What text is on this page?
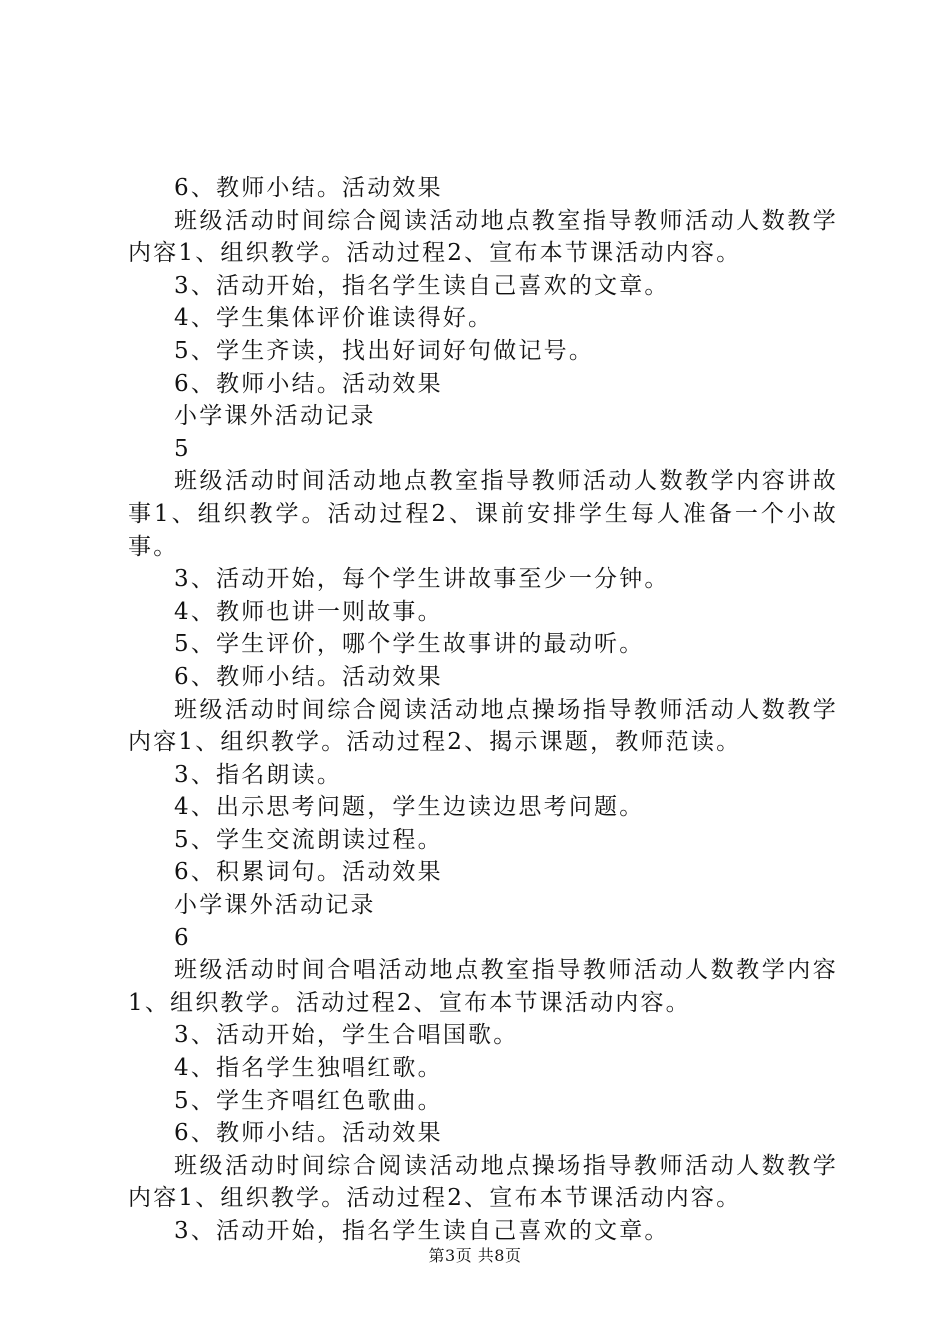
6、教师小结。活动效果

班级活动时间综合阅读活动地点教室指导教师活动人数教学内容1、组织教学。活动过程2、宣布本节课活动内容。

3、活动开始，指名学生读自己喜欢的文章。

4、学生集体评价谁读得好。

5、学生齐读，找出好词好句做记号。

6、教师小结。活动效果

小学课外活动记录

5

班级活动时间活动地点教室指导教师活动人数教学内容讲故事1、组织教学。活动过程2、课前安排学生每人准备一个小故事。

3、活动开始，每个学生讲故事至少一分钟。

4、教师也讲一则故事。

5、学生评价，哪个学生故事讲的最动听。

6、教师小结。活动效果

班级活动时间综合阅读活动地点操场指导教师活动人数教学内容1、组织教学。活动过程2、揭示课题，教师范读。

3、指名朗读。

4、出示思考问题，学生边读边思考问题。

5、学生交流朗读过程。

6、积累词句。活动效果

小学课外活动记录

6

班级活动时间合唱活动地点教室指导教师活动人数教学内容1、组织教学。活动过程2、宣布本节课活动内容。

3、活动开始，学生合唱国歌。

4、指名学生独唱红歌。

5、学生齐唱红色歌曲。

6、教师小结。活动效果

班级活动时间综合阅读活动地点操场指导教师活动人数教学内容1、组织教学。活动过程2、宣布本节课活动内容。

3、活动开始，指名学生读自己喜欢的文章。

第3页 共8页
